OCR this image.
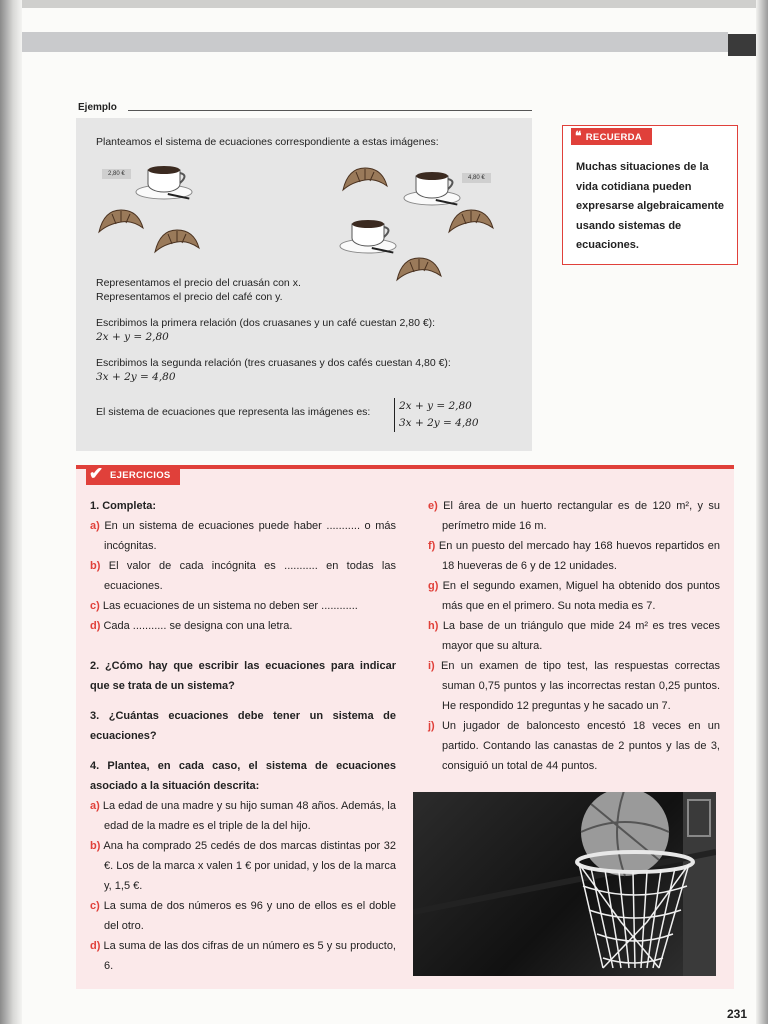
Ejemplo
Planteamos el sistema de ecuaciones correspondiente a estas imágenes:
2,80 €
4,80 €
Representamos el precio del cruasán con x.
Representamos el precio del café con y.
Escribimos la primera relación (dos cruasanes y un café cuestan 2,80 €):
2x + y = 2,80
Escribimos la segunda relación (tres cruasanes y dos cafés cuestan 4,80 €):
3x + 2y = 4,80
El sistema de ecuaciones que representa las imágenes es:	2x + y = 2,80
3x + 2y = 4,80
❝ RECUERDA
Muchas situaciones de la vida cotidiana pueden expresarse algebraicamente usando sistemas de ecuaciones.
✔ EJERCICIOS
1. Completa:
a) En un sistema de ecuaciones puede haber ........... o más incógnitas.
b) El valor de cada incógnita es ........... en todas las ecuaciones.
c) Las ecuaciones de un sistema no deben ser ............
d) Cada ........... se designa con una letra.
2. ¿Cómo hay que escribir las ecuaciones para indicar que se trata de un sistema?
3. ¿Cuántas ecuaciones debe tener un sistema de ecuaciones?
4. Plantea, en cada caso, el sistema de ecuaciones asociado a la situación descrita:
a) La edad de una madre y su hijo suman 48 años. Además, la edad de la madre es el triple de la del hijo.
b) Ana ha comprado 25 cedés de dos marcas distintas por 32 €. Los de la marca x valen 1 € por unidad, y los de la marca y, 1,5 €.
c) La suma de dos números es 96 y uno de ellos es el doble del otro.
d) La suma de las dos cifras de un número es 5 y su producto, 6.
e) El área de un huerto rectangular es de 120 m², y su perímetro mide 16 m.
f) En un puesto del mercado hay 168 huevos repartidos en 18 hueveras de 6 y de 12 unidades.
g) En el segundo examen, Miguel ha obtenido dos puntos más que en el primero. Su nota media es 7.
h) La base de un triángulo que mide 24 m² es tres veces mayor que su altura.
i) En un examen de tipo test, las respuestas correctas suman 0,75 puntos y las incorrectas restan 0,25 puntos. He respondido 12 preguntas y he sacado un 7.
j) Un jugador de baloncesto encestó 18 veces en un partido. Contando las canastas de 2 puntos y las de 3, consiguió un total de 44 puntos.
231
